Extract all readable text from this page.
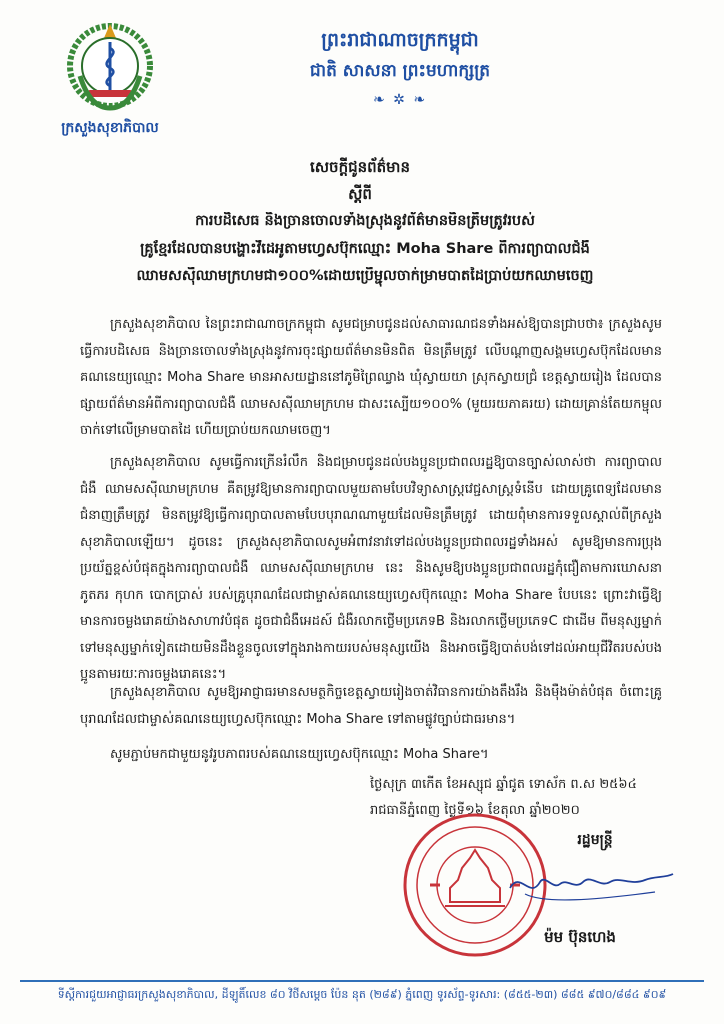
ក្រសួងសុខាភិបាល
ព្រះរាជាណាចក្រកម្ពុជា
ជាតិ សាសនា ព្រះមហាក្សត្រ
❧ ✲ ❧
សេចក្តីជូនព័ត៌មាន
ស្តីពី
ការបដិសេធ និងច្រានចោលទាំងស្រុងនូវព័ត៌មានមិនត្រឹមត្រូវរបស់
គ្រូខ្មែរដែលបានបង្ហោះវីដេអូតាមហ្វេសប៊ុកឈ្មោះ Moha Share ពីការព្យាបាលជំងឺ
ឈាមសស៊ីឈាមក្រហមជា១០០%ដោយប្រើម្ជុលចាក់ម្រាមបាតដៃប្រាប់យកឈាមចេញ
ក្រសួងសុខាភិបាល នៃព្រះរាជាណាចក្រកម្ពុជា សូមជម្រាបជូនដល់សាធារណជនទាំងអស់ឱ្យបានជ្រាបថា៖ ក្រសួងសូមធ្វើការបដិសេធ និងច្រានចោលទាំងស្រុងនូវការចុះផ្សាយព័ត៌មានមិនពិត មិនត្រឹមត្រូវ លើបណ្តាញសង្គមហ្វេសប៊ុកដែលមានគណនេយ្យឈ្មោះ Moha Share មានអាសយដ្ឋាននៅភូមិព្រៃឈ្វាង ឃុំស្វាយយា ស្រុកស្វាយជ្រំ ខេត្តស្វាយរៀង ដែលបានផ្សាយព័ត៌មានអំពីការព្យាបាលជំងឺ ឈាមសស៊ីឈាមក្រហម ជាសះស្បើយ១០០% (មួយរយភាគរយ) ដោយគ្រាន់តែយកម្ជុលចាក់ទៅលើម្រាមបាតដៃ ហើយប្រាប់យកឈាមចេញ។
ក្រសួងសុខាភិបាល សូមធ្វើការក្រើនរំលឹក និងជម្រាបជូនដល់បងប្អូនប្រជាពលរដ្ឋឱ្យបានច្បាស់លាស់ថា ការព្យាបាលជំងឺ ឈាមសស៊ីឈាមក្រហម គឺតម្រូវឱ្យមានការព្យាបាលមួយតាមបែបវិទ្យាសាស្រ្តវេជ្ជសាស្រ្តទំនើប ដោយគ្រូពេទ្យដែលមានជំនាញត្រឹមត្រូវ មិនតម្រូវឱ្យធ្វើការព្យាបាលតាមបែបបុរាណណាមួយដែលមិនត្រឹមត្រូវ ដោយពុំមានការទទួលស្គាល់ពីក្រសួងសុខាភិបាលឡើយ។ ដូចនេះ ក្រសួងសុខាភិបាលសូមអំពាវនាវទៅដល់បងប្អូនប្រជាពលរដ្ឋទាំងអស់ សូមឱ្យមានការប្រុងប្រយ័ត្នខ្ពស់បំផុតក្នុងការព្យាបាលជំងឺ ឈាមសស៊ីឈាមក្រហម នេះ និងសូមឱ្យបងប្អូនប្រជាពលរដ្ឋកុំជឿតាមការឃោសនា ភូតភរ កុហក បោកប្រាស់ របស់គ្រូបុរាណដែលជាម្ចាស់គណនេយ្យហ្វេសប៊ុកឈ្មោះ Moha Share បែបនេះ ព្រោះវាធ្វើឱ្យមានការចម្លងរោគយ៉ាងសាហាវបំផុត ដូចជាជំងឺអេដស៍ ជំងឺរលាកថ្លើមប្រភេទB និងរលាកថ្លើមប្រភេទC ជាដើម ពីមនុស្សម្នាក់ទៅមនុស្សម្នាក់ទៀតដោយមិនដឹងខ្លួនចូលទៅក្នុងរាងកាយរបស់មនុស្សយើង និងអាចធ្វើឱ្យបាត់បង់ទៅដល់អាយុជីវិតរបស់បងប្អូនតាមរយៈការចម្លងរោគនេះ។
ក្រសួងសុខាភិបាល សូមឱ្យអាជ្ញាធរមានសមត្ថកិច្ចខេត្តស្វាយរៀងចាត់វិធានការយ៉ាងតឹងរឹង និងម៉ឺងម៉ាត់បំផុត ចំពោះគ្រូបុរាណដែលជាម្ចាស់គណនេយ្យហ្វេសប៊ុកឈ្មោះ Moha Share ទៅតាមផ្លូវច្បាប់ជាធរមាន។
សូមភ្ជាប់មកជាមួយនូវរូបភាពរបស់គណនេយ្យហ្វេសប៊ុកឈ្មោះ Moha Share។
ថ្ងៃសុក្រ ៣កើត ខែអស្សុជ ឆ្នាំជូត ទោស័ក ព.ស ២៥៦៤
រាជធានីភ្នំពេញ ថ្ងៃទី១៦ ខែតុលា ឆ្នាំ២០២០
រដ្ឋមន្ត្រី
ម៉ម ប៊ុនហេង
ទីស្តីការជួយអាជ្ញាធរក្រសួងសុខាភិបាល, ដីឡូតិ៍លេខ ៨០ វិថីសម្ដេច ប៉ែន នុត (២៨៩) ភ្នំពេញ ទូរស័ព្ទ-ទូរសារ: (៨៥៥-២៣) ៨៨៥ ៩៧០/៨៨៤ ៩០៩
